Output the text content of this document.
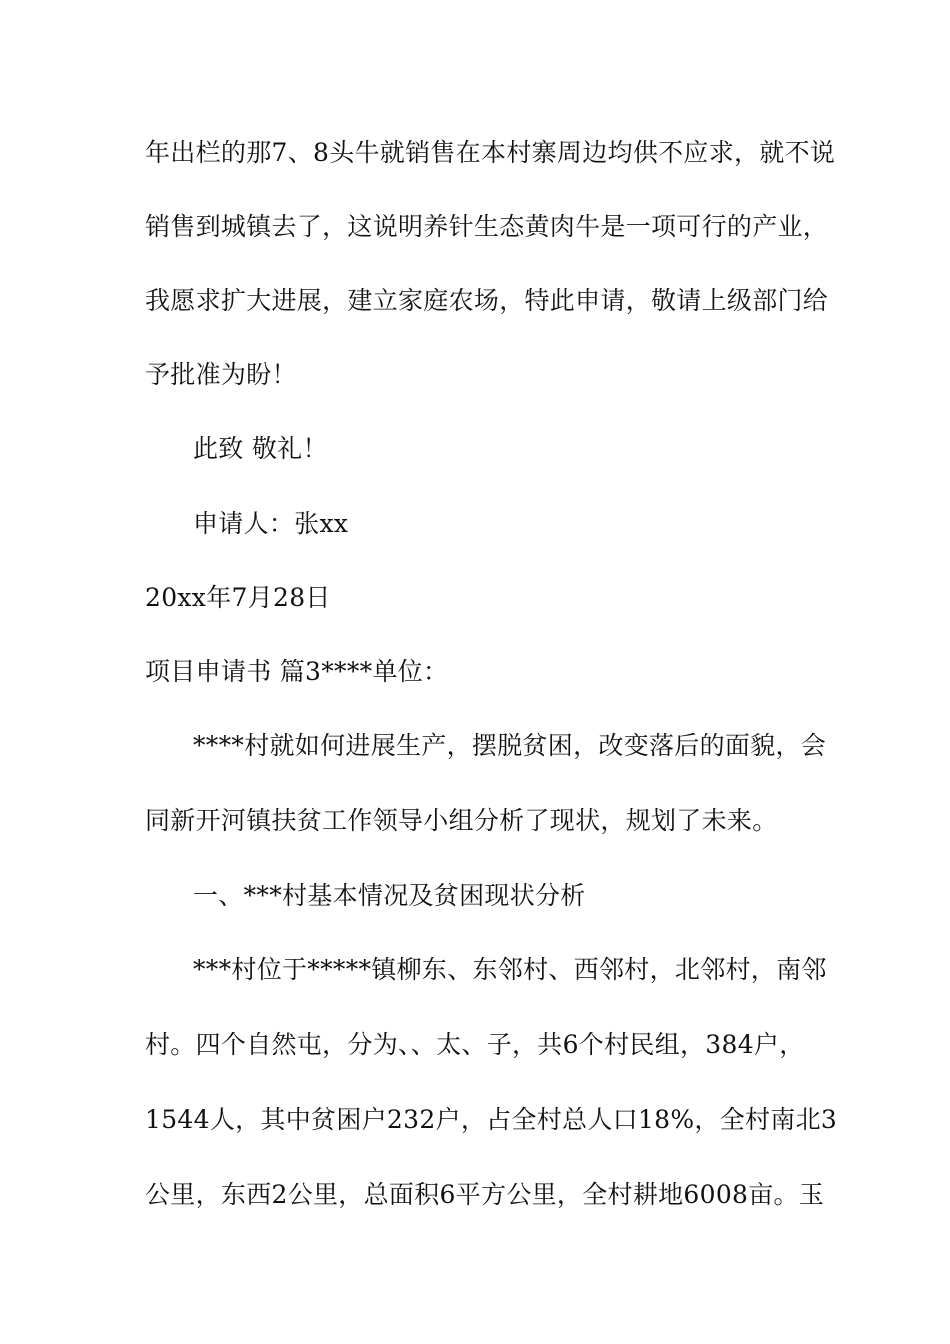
年出栏的那7、8头牛就销售在本村寨周边均供不应求，就不说
销售到城镇去了，这说明养针生态黄肉牛是一项可行的产业，
我愿求扩大进展，建立家庭农场，特此申请，敬请上级部门给
予批准为盼！
此致 敬礼！
申请人：张xx
20xx年7月28日
项目申请书 篇3****单位：
****村就如何进展生产，摆脱贫困，改变落后的面貌，会
同新开河镇扶贫工作领导小组分析了现状，规划了未来。
一、***村基本情况及贫困现状分析
***村位于*****镇柳东、东邻村、西邻村，北邻村，南邻
村。四个自然屯，分为、、太、子，共6个村民组，384户，
1544人，其中贫困户232户，占全村总人口18%，全村南北3
公里，东西2公里，总面积6平方公里，全村耕地6008亩。玉
